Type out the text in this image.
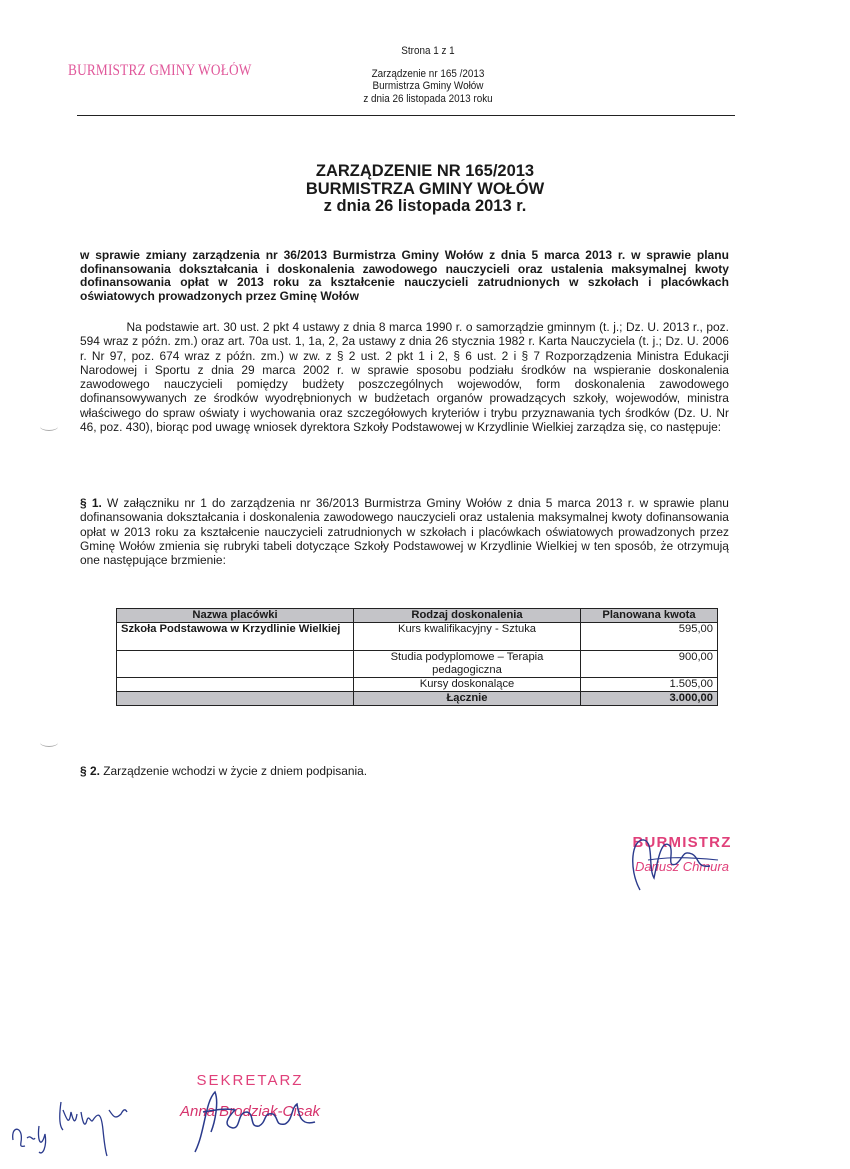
BURMISTRZ GMINY WOŁÓW
Strona 1 z 1
Zarządzenie nr 165 /2013
Burmistrza Gminy Wołów
z dnia 26 listopada 2013 roku
ZARZĄDZENIE NR 165/2013
BURMISTRZA GMINY WOŁÓW
z dnia 26 listopada 2013 r.
w sprawie zmiany zarządzenia nr 36/2013 Burmistrza Gminy Wołów z dnia 5 marca 2013 r. w sprawie planu dofinansowania dokształcania i doskonalenia zawodowego nauczycieli oraz ustalenia maksymalnej kwoty dofinansowania opłat w 2013 roku za kształcenie nauczycieli zatrudnionych w szkołach i placówkach oświatowych prowadzonych przez Gminę Wołów
Na podstawie art. 30 ust. 2 pkt 4 ustawy z dnia 8 marca 1990 r. o samorządzie gminnym (t. j.; Dz. U. 2013 r., poz. 594 wraz z późn. zm.) oraz art. 70a ust. 1, 1a, 2, 2a ustawy z dnia 26 stycznia 1982 r. Karta Nauczyciela (t. j.; Dz. U. 2006 r. Nr 97, poz. 674 wraz z późn. zm.) w zw. z § 2 ust. 2 pkt 1 i 2, § 6 ust. 2 i § 7 Rozporządzenia Ministra Edukacji Narodowej i Sportu z dnia 29 marca 2002 r. w sprawie sposobu podziału środków na wspieranie doskonalenia zawodowego nauczycieli pomiędzy budżety poszczególnych wojewodów, form doskonalenia zawodowego dofinansowywanych ze środków wyodrębnionych w budżetach organów prowadzących szkoły, wojewodów, ministra właściwego do spraw oświaty i wychowania oraz szczegółowych kryteriów i trybu przyznawania tych środków (Dz. U. Nr 46, poz. 430), biorąc pod uwagę wniosek dyrektora Szkoły Podstawowej w Krzydlinie Wielkiej zarządza się, co następuje:
§ 1. W załączniku nr 1 do zarządzenia nr 36/2013 Burmistrza Gminy Wołów z dnia 5 marca 2013 r. w sprawie planu dofinansowania dokształcania i doskonalenia zawodowego nauczycieli oraz ustalenia maksymalnej kwoty dofinansowania opłat w 2013 roku za kształcenie nauczycieli zatrudnionych w szkołach i placówkach oświatowych prowadzonych przez Gminę Wołów zmienia się rubryki tabeli dotyczące Szkoły Podstawowej w Krzydlinie Wielkiej w ten sposób, że otrzymują one następujące brzmienie:
Nazwa placówki	Rodzaj doskonalenia	Planowana kwota
Szkoła Podstawowa w Krzydlinie Wielkiej	Kurs kwalifikacyjny - Sztuka	595,00
	Studia podyplomowe – Terapia pedagogiczna	900,00
	Kursy doskonalące	1.505,00
	Łącznie	3.000,00
§ 2. Zarządzenie wchodzi w życie z dniem podpisania.
BURMISTRZ
Dariusz Chmura
SEKRETARZ
Anna Brodziak-Cisak
